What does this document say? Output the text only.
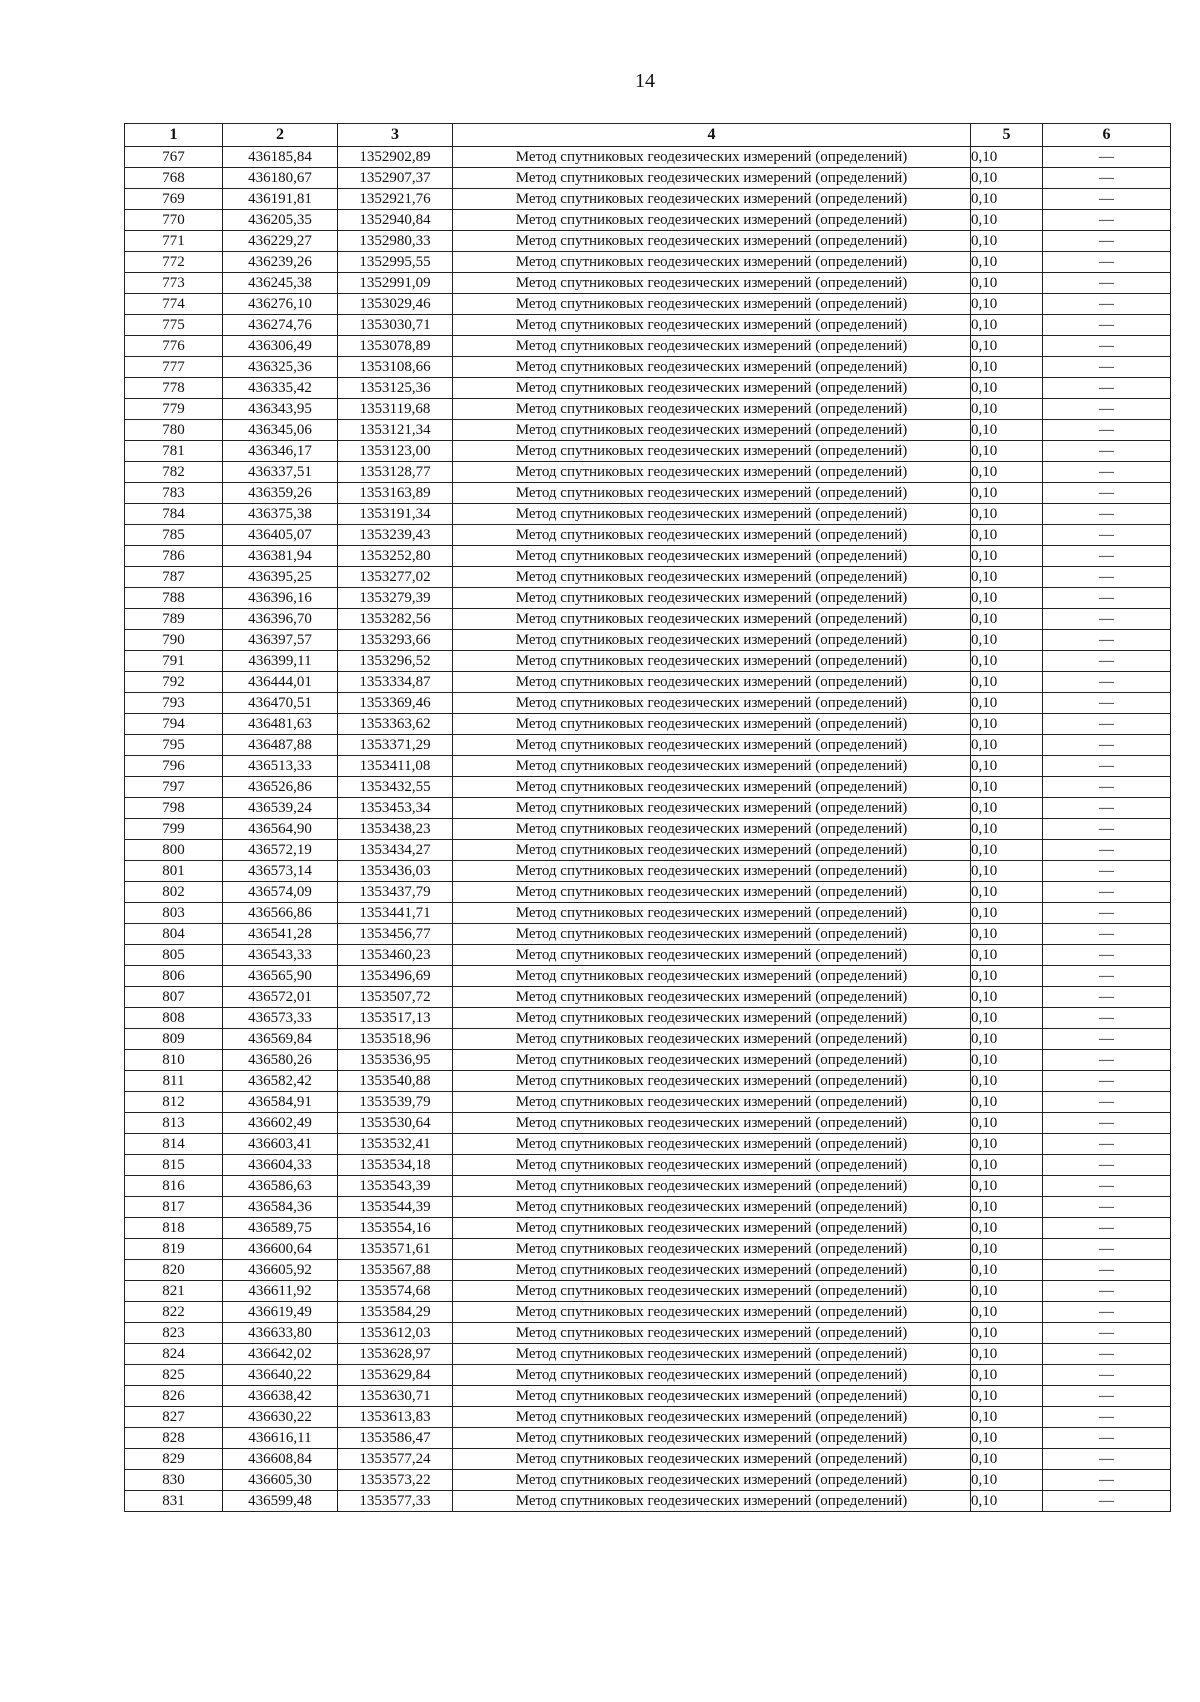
14
1	2	3	4	5	6
767	436185,84	1352902,89	Метод спутниковых геодезических измерений (определений)	0,10	—
768	436180,67	1352907,37	Метод спутниковых геодезических измерений (определений)	0,10	—
769	436191,81	1352921,76	Метод спутниковых геодезических измерений (определений)	0,10	—
770	436205,35	1352940,84	Метод спутниковых геодезических измерений (определений)	0,10	—
771	436229,27	1352980,33	Метод спутниковых геодезических измерений (определений)	0,10	—
772	436239,26	1352995,55	Метод спутниковых геодезических измерений (определений)	0,10	—
773	436245,38	1352991,09	Метод спутниковых геодезических измерений (определений)	0,10	—
774	436276,10	1353029,46	Метод спутниковых геодезических измерений (определений)	0,10	—
775	436274,76	1353030,71	Метод спутниковых геодезических измерений (определений)	0,10	—
776	436306,49	1353078,89	Метод спутниковых геодезических измерений (определений)	0,10	—
777	436325,36	1353108,66	Метод спутниковых геодезических измерений (определений)	0,10	—
778	436335,42	1353125,36	Метод спутниковых геодезических измерений (определений)	0,10	—
779	436343,95	1353119,68	Метод спутниковых геодезических измерений (определений)	0,10	—
780	436345,06	1353121,34	Метод спутниковых геодезических измерений (определений)	0,10	—
781	436346,17	1353123,00	Метод спутниковых геодезических измерений (определений)	0,10	—
782	436337,51	1353128,77	Метод спутниковых геодезических измерений (определений)	0,10	—
783	436359,26	1353163,89	Метод спутниковых геодезических измерений (определений)	0,10	—
784	436375,38	1353191,34	Метод спутниковых геодезических измерений (определений)	0,10	—
785	436405,07	1353239,43	Метод спутниковых геодезических измерений (определений)	0,10	—
786	436381,94	1353252,80	Метод спутниковых геодезических измерений (определений)	0,10	—
787	436395,25	1353277,02	Метод спутниковых геодезических измерений (определений)	0,10	—
788	436396,16	1353279,39	Метод спутниковых геодезических измерений (определений)	0,10	—
789	436396,70	1353282,56	Метод спутниковых геодезических измерений (определений)	0,10	—
790	436397,57	1353293,66	Метод спутниковых геодезических измерений (определений)	0,10	—
791	436399,11	1353296,52	Метод спутниковых геодезических измерений (определений)	0,10	—
792	436444,01	1353334,87	Метод спутниковых геодезических измерений (определений)	0,10	—
793	436470,51	1353369,46	Метод спутниковых геодезических измерений (определений)	0,10	—
794	436481,63	1353363,62	Метод спутниковых геодезических измерений (определений)	0,10	—
795	436487,88	1353371,29	Метод спутниковых геодезических измерений (определений)	0,10	—
796	436513,33	1353411,08	Метод спутниковых геодезических измерений (определений)	0,10	—
797	436526,86	1353432,55	Метод спутниковых геодезических измерений (определений)	0,10	—
798	436539,24	1353453,34	Метод спутниковых геодезических измерений (определений)	0,10	—
799	436564,90	1353438,23	Метод спутниковых геодезических измерений (определений)	0,10	—
800	436572,19	1353434,27	Метод спутниковых геодезических измерений (определений)	0,10	—
801	436573,14	1353436,03	Метод спутниковых геодезических измерений (определений)	0,10	—
802	436574,09	1353437,79	Метод спутниковых геодезических измерений (определений)	0,10	—
803	436566,86	1353441,71	Метод спутниковых геодезических измерений (определений)	0,10	—
804	436541,28	1353456,77	Метод спутниковых геодезических измерений (определений)	0,10	—
805	436543,33	1353460,23	Метод спутниковых геодезических измерений (определений)	0,10	—
806	436565,90	1353496,69	Метод спутниковых геодезических измерений (определений)	0,10	—
807	436572,01	1353507,72	Метод спутниковых геодезических измерений (определений)	0,10	—
808	436573,33	1353517,13	Метод спутниковых геодезических измерений (определений)	0,10	—
809	436569,84	1353518,96	Метод спутниковых геодезических измерений (определений)	0,10	—
810	436580,26	1353536,95	Метод спутниковых геодезических измерений (определений)	0,10	—
811	436582,42	1353540,88	Метод спутниковых геодезических измерений (определений)	0,10	—
812	436584,91	1353539,79	Метод спутниковых геодезических измерений (определений)	0,10	—
813	436602,49	1353530,64	Метод спутниковых геодезических измерений (определений)	0,10	—
814	436603,41	1353532,41	Метод спутниковых геодезических измерений (определений)	0,10	—
815	436604,33	1353534,18	Метод спутниковых геодезических измерений (определений)	0,10	—
816	436586,63	1353543,39	Метод спутниковых геодезических измерений (определений)	0,10	—
817	436584,36	1353544,39	Метод спутниковых геодезических измерений (определений)	0,10	—
818	436589,75	1353554,16	Метод спутниковых геодезических измерений (определений)	0,10	—
819	436600,64	1353571,61	Метод спутниковых геодезических измерений (определений)	0,10	—
820	436605,92	1353567,88	Метод спутниковых геодезических измерений (определений)	0,10	—
821	436611,92	1353574,68	Метод спутниковых геодезических измерений (определений)	0,10	—
822	436619,49	1353584,29	Метод спутниковых геодезических измерений (определений)	0,10	—
823	436633,80	1353612,03	Метод спутниковых геодезических измерений (определений)	0,10	—
824	436642,02	1353628,97	Метод спутниковых геодезических измерений (определений)	0,10	—
825	436640,22	1353629,84	Метод спутниковых геодезических измерений (определений)	0,10	—
826	436638,42	1353630,71	Метод спутниковых геодезических измерений (определений)	0,10	—
827	436630,22	1353613,83	Метод спутниковых геодезических измерений (определений)	0,10	—
828	436616,11	1353586,47	Метод спутниковых геодезических измерений (определений)	0,10	—
829	436608,84	1353577,24	Метод спутниковых геодезических измерений (определений)	0,10	—
830	436605,30	1353573,22	Метод спутниковых геодезических измерений (определений)	0,10	—
831	436599,48	1353577,33	Метод спутниковых геодезических измерений (определений)	0,10	—
